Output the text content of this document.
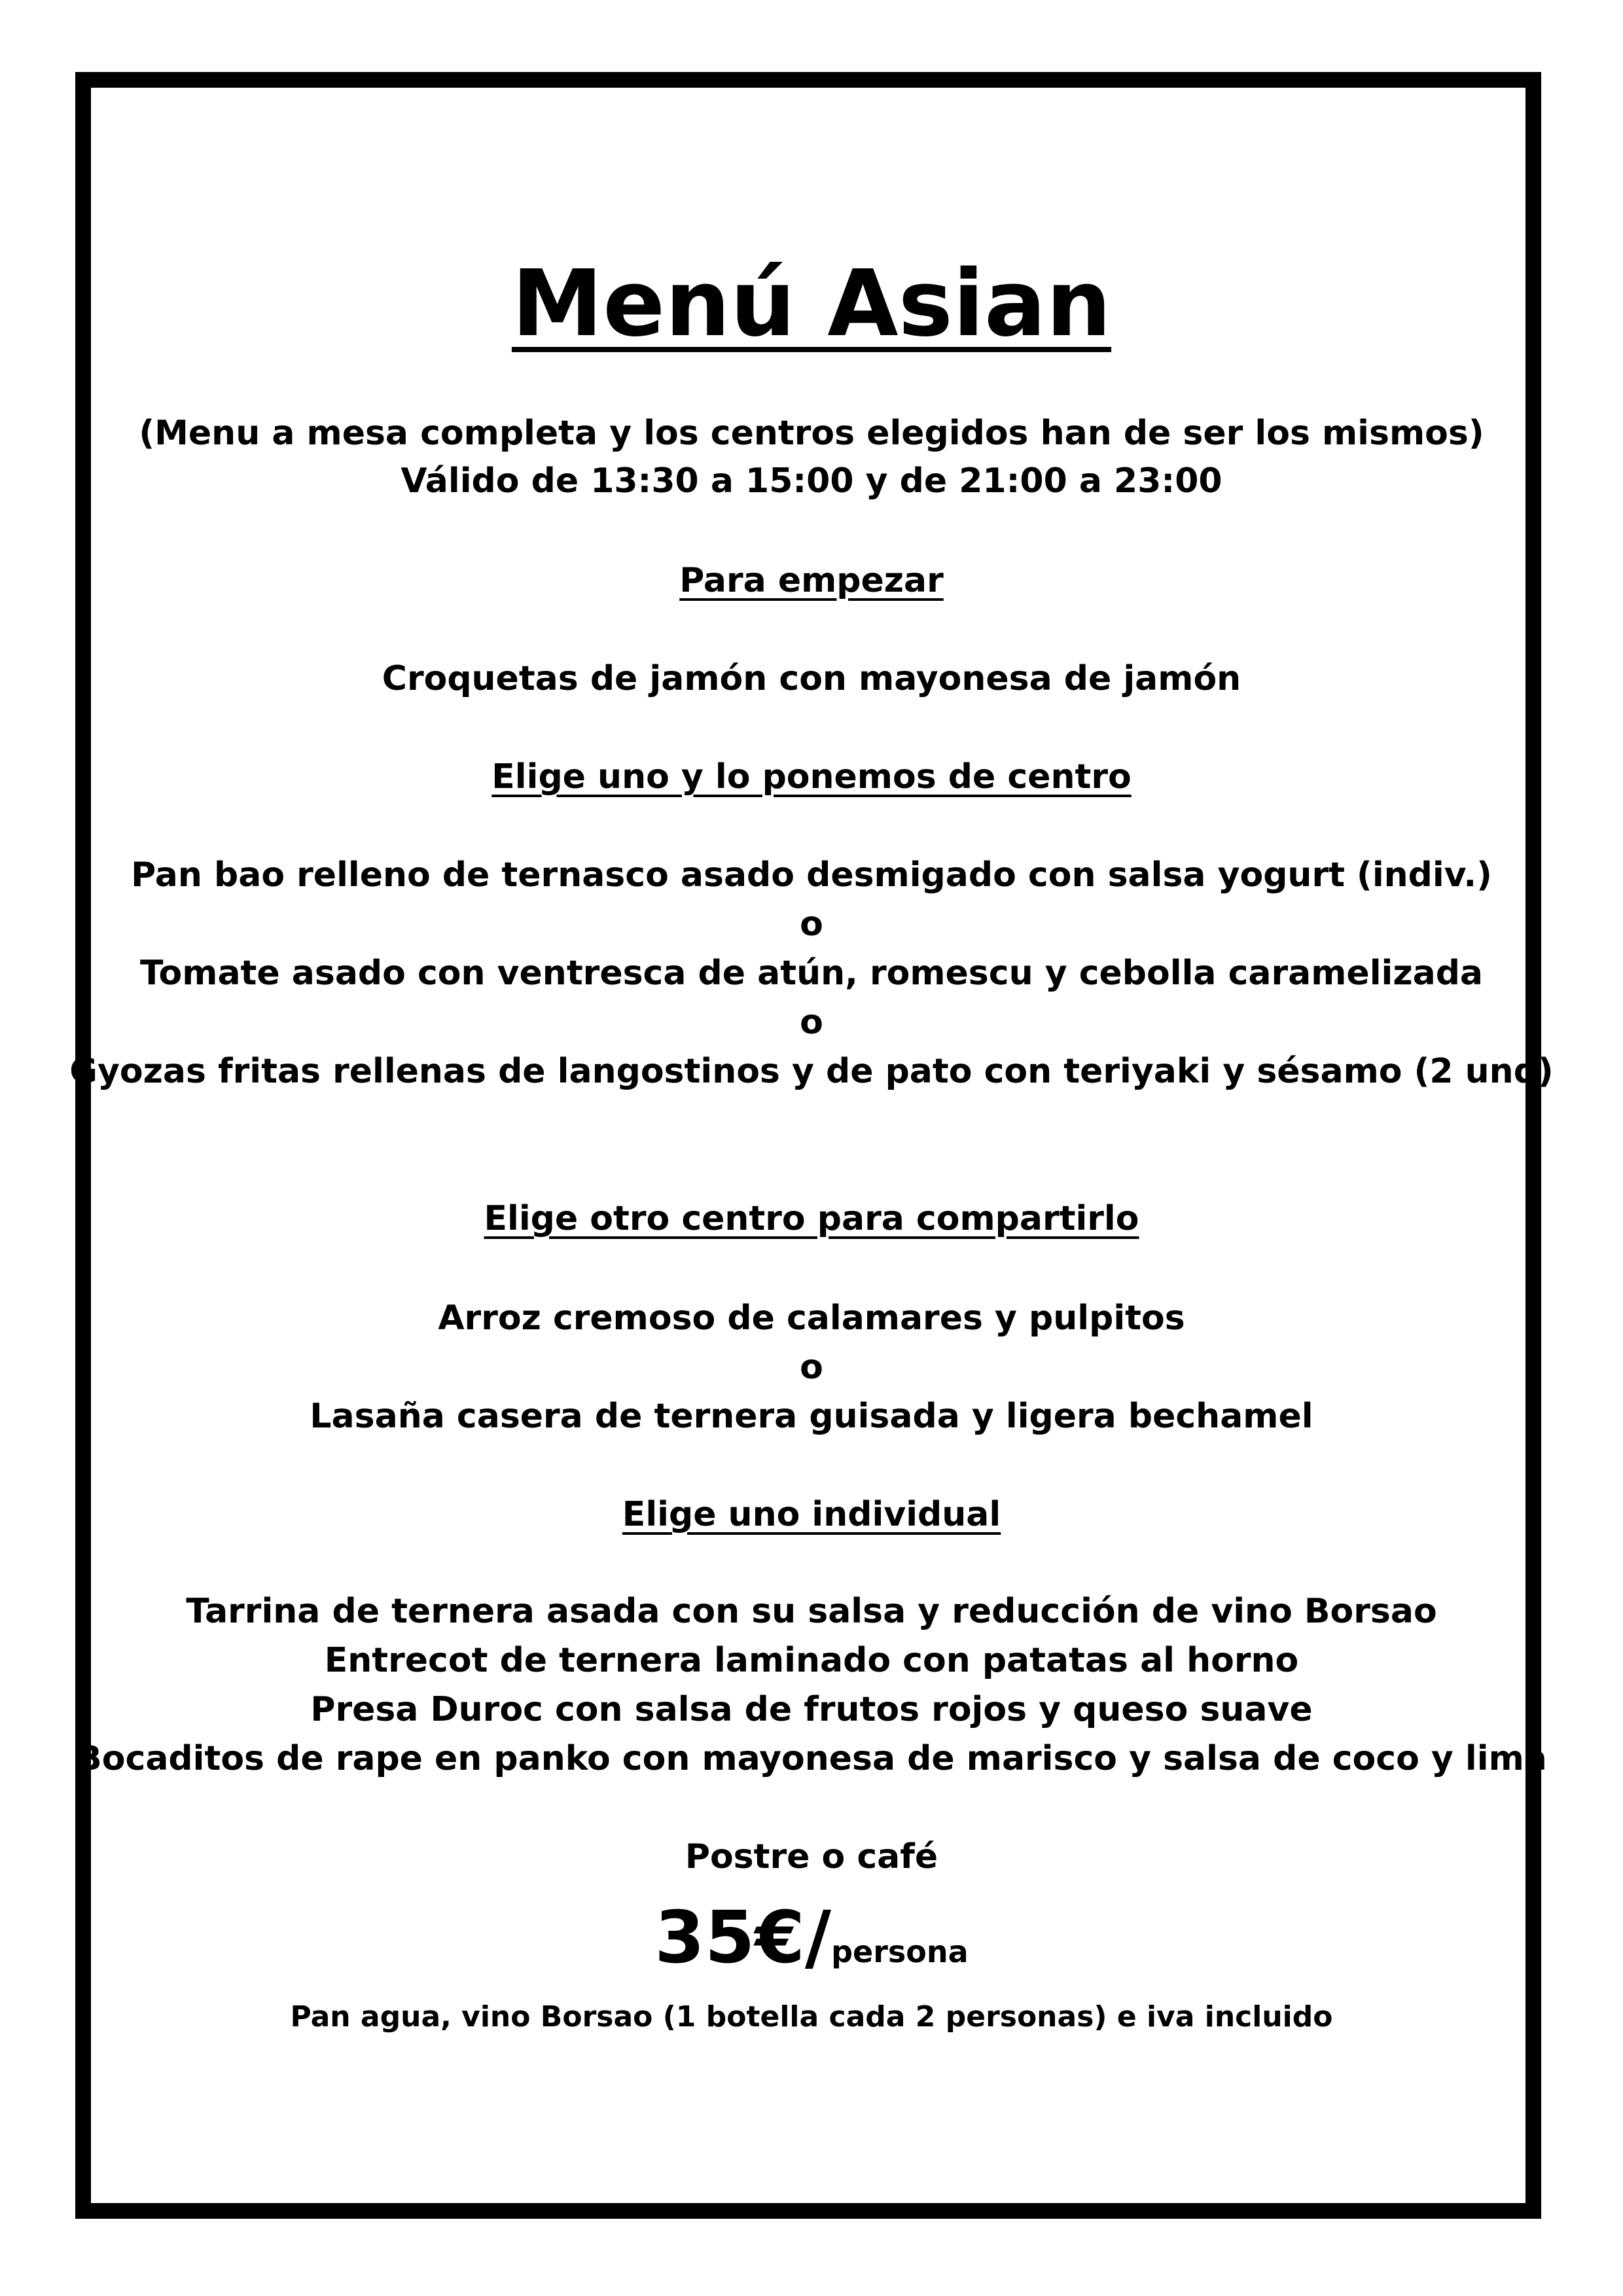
Menú Asian
(Menu a mesa completa y los centros elegidos han de ser los mismos)
Válido de 13:30 a 15:00 y de 21:00 a 23:00
Para empezar
Croquetas de jamón con mayonesa de jamón
Elige uno y lo ponemos de centro
Pan bao relleno de ternasco asado desmigado con salsa yogurt (indiv.)
o
Tomate asado con ventresca de atún, romescu y cebolla caramelizada
o
Gyozas fritas rellenas de langostinos y de pato con teriyaki y sésamo (2 und)
Elige otro centro para compartirlo
Arroz cremoso de calamares y pulpitos
o
Lasaña casera de ternera guisada y ligera bechamel
Elige uno individual
Tarrina de ternera asada con su salsa y reducción de vino Borsao
Entrecot de ternera laminado con patatas al horno
Presa Duroc con salsa de frutos rojos y queso suave
Bocaditos de rape en panko con mayonesa de marisco y salsa de coco y lima
Postre o café
35€/persona
Pan agua, vino Borsao (1 botella cada 2 personas) e iva incluido
